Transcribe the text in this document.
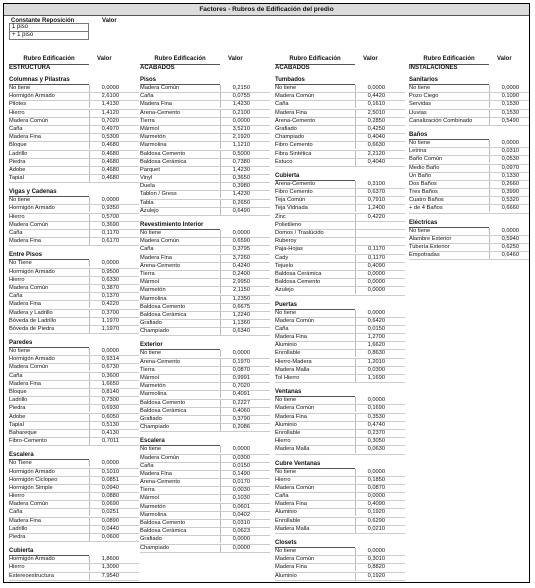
Factores - Rubros de Edificación del predio
Constante Reposición	Valor
1 piso
+ 1 piso
Rubro Edificación
ESTRUCTURA
Valor
Columnas y Pilastras
No tiene	0,0000
Hormigón Armado	2,6100
Pilotes	1,4130
Hierro	1,4120
Madera Común	0,7020
Caña	0,4970
Madera Fina	0,5300
Bloque	0,4680
Ladrillo	0,4680
Piedra	0,4680
Adobe	0,4680
Tapial	0,4680
Vigas y Cadenas
No tiene	0,0000
Hormigón Armado	0,9350
Hierro	0,5700
Madera Común	0,3690
Caña	0,1170
Madera Fina	0,6170
Entre Pisos
No Tiene	0,0000
Hormigón Armado	0,9500
Hierro	0,6330
Madera Común	0,3870
Caña	0,1370
Madera Fina	0,4220
Madera y Ladrillo	0,3700
Bóveda de Ladrillo	1,1970
Bóveda de Piedra	1,1970
Paredes
No tiene	0,0000
Hormigón Armado	0,9314
Madera Común	0,6730
Caña	0,3600
Madera Fina	1,6650
Bloque	0,8140
Ladrillo	0,7300
Piedra	0,6930
Adobe	0,6050
Tapial	0,5130
Bahareque	0,4130
Fibro-Cemento	0,7011
Escalera
No Tiene	0,0000
Hormigón Armado	0,1010
Hormigón Ciclopeo	0,0851
Hormigón Simple	0,0940
Hierro	0,0880
Madera Común	0,0690
Caña	0,0251
Madera Fina	0,0890
Ladrillo	0,0440
Piedra	0,0600
Cubierta
Hormigón Armado	1,8600
Hierro	1,3090
Estereoestructura	7,9540
Rubro Edificación
ACABADOS
Valor
Pisos
Madera Común	0,2150
Caña	0,0755
Madera Fina	1,4230
Arena-Cemento	0,2100
Tierra	0,0000
Mármol	3,5210
Marmetón	2,1920
Marmolina	1,1210
Baldosa Cemento	0,5000
Baldosa Cerámica	0,7380
Parquet	1,4230
Vinyl	0,3650
Duela	0,3980
Tablon / Gress	1,4230
Tabla	0,2650
Azulejo	0,6490
Revestimiento Interior
No tiene	0,0000
Madera Común	0,6590
Caña	0,3795
Madera Fina	3,7260
Arena-Cemento	0,4240
Tierra	0,2400
Mármol	2,9950
Marmetón	2,1150
Marmolina	1,2350
Baldosa Cemento	0,6675
Baldosa Cerámica	1,2240
Grafiado	1,1360
Champiado	0,6340
Exterior
No tiene	0,0000
Arena-Cemento	0,1970
Tierra	0,0870
Mármol	0,9991
Marmetón	0,7020
Marmolina	0,4091
Baldosa Cemento	0,2227
Baldosa Cerámica	0,4060
Grafiado	0,3790
Champiado	0,2086
Escalera
No tiene	0,0000
Madera Común	0,0300
Caña	0,0150
Madera Fina	0,1490
Arena-Cemento	0,0170
Tierra	0,0030
Mármol	0,1030
Marmetón	0,0601
Marmolina	0,0402
Baldosa Cemento	0,0310
Baldosa Cerámica	0,0623
Grafiado	0,0000
Champiado	0,0000
Rubro Edificación
ACABADOS
Valor
Tumbados
No tiene	0,0000
Madera Común	0,4420
Caña	0,1610
Madera Fina	2,5010
Arena-Cemento	0,2850
Grafiado	0,4250
Champiado	0,4040
Fibro Cemento	0,6630
Fibra Sintética	2,2120
Estuco	0,4040
Cubierta
Arena-Cemento	0,3100
Fibro Cemento	0,6370
Teja Común	0,7910
Teja Vidriada	1,2400
Zinc	0,4220
Polietileno
Domos / Traslúcido
Ruberoy
Paja-Hojas	0,1170
Cady	0,1170
Tejuelo	0,4090
Baldosa Cerámica	0,0000
Baldosa Cemento	0,0000
Azulejo	0,0000
Puertas
No tiene	0,0000
Madera Común	0,6420
Caña	0,0150
Madera Fina	1,2700
Aluminio	1,6620
Enrollable	0,8630
Hierro-Madera	1,2010
Madera Malla	0,0300
Tol Hierro	1,1690
Ventanas
No tiene	0,0000
Madera Común	0,1690
Madera Fina	0,3530
Aluminio	0,4740
Enrollable	0,2370
Hierro	0,3050
Madera Malla	0,0630
Cubre Ventanas
No tiene	0,0000
Hierro	0,1850
Madera Común	0,0870
Caña	0,0000
Madera Fina	0,4090
Aluminio	0,1920
Enrollable	0,6290
Madera Malla	0,0210
Closets
No tiene	0,0000
Madera Común	0,3010
Madera Fina	0,8820
Aluminio	0,1920
Rubro Edificación
INSTALACIONES
Valor
Sanitarios
No tiene	0,0000
Pozo Ciego	0,1090
Servidas	0,1530
Lluvias	0,1530
Canalización Combinado	0,5490
Baños
No tiene	0,0000
Letrina	0,0310
Baño Común	0,0530
Medio Baño	0,0970
Un Baño	0,1330
Dos Baños	0,2660
Tres Baños	0,3990
Cuatro Baños	0,5320
+ de 4 Baños	0,6660
Eléctricas
No tiene	0,0000
Alambre Exterior	0,5940
Tubería Exterior	0,6250
Empotradas	0,6460
